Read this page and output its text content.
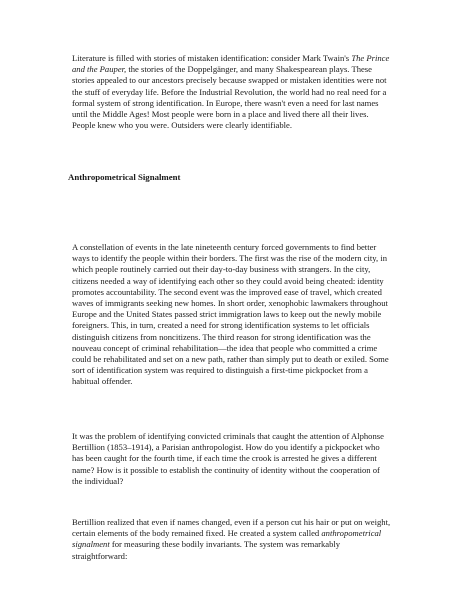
Literature is filled with stories of mistaken identification: consider Mark Twain's The Prince and the Pauper, the stories of the Doppelgänger, and many Shakespearean plays. These stories appealed to our ancestors precisely because swapped or mistaken identities were not the stuff of everyday life. Before the Industrial Revolution, the world had no real need for a formal system of strong identification. In Europe, there wasn't even a need for last names until the Middle Ages! Most people were born in a place and lived there all their lives. People knew who you were. Outsiders were clearly identifiable.

Anthropometrical Signalment

A constellation of events in the late nineteenth century forced governments to find better ways to identify the people within their borders. The first was the rise of the modern city, in which people routinely carried out their day-to-day business with strangers. In the city, citizens needed a way of identifying each other so they could avoid being cheated: identity promotes accountability. The second event was the improved ease of travel, which created waves of immigrants seeking new homes. In short order, xenophobic lawmakers throughout Europe and the United States passed strict immigration laws to keep out the newly mobile foreigners. This, in turn, created a need for strong identification systems to let officials distinguish citizens from noncitizens. The third reason for strong identification was the nouveau concept of criminal rehabilitation—the idea that people who committed a crime could be rehabilitated and set on a new path, rather than simply put to death or exiled. Some sort of identification system was required to distinguish a first-time pickpocket from a habitual offender.

It was the problem of identifying convicted criminals that caught the attention of Alphonse Bertillion (1853–1914), a Parisian anthropologist. How do you identify a pickpocket who has been caught for the fourth time, if each time the crook is arrested he gives a different name? How is it possible to establish the continuity of identity without the cooperation of the individual?

Bertillion realized that even if names changed, even if a person cut his hair or put on weight, certain elements of the body remained fixed. He created a system called anthropometrical signalment for measuring these bodily invariants. The system was remarkably straightforward:
